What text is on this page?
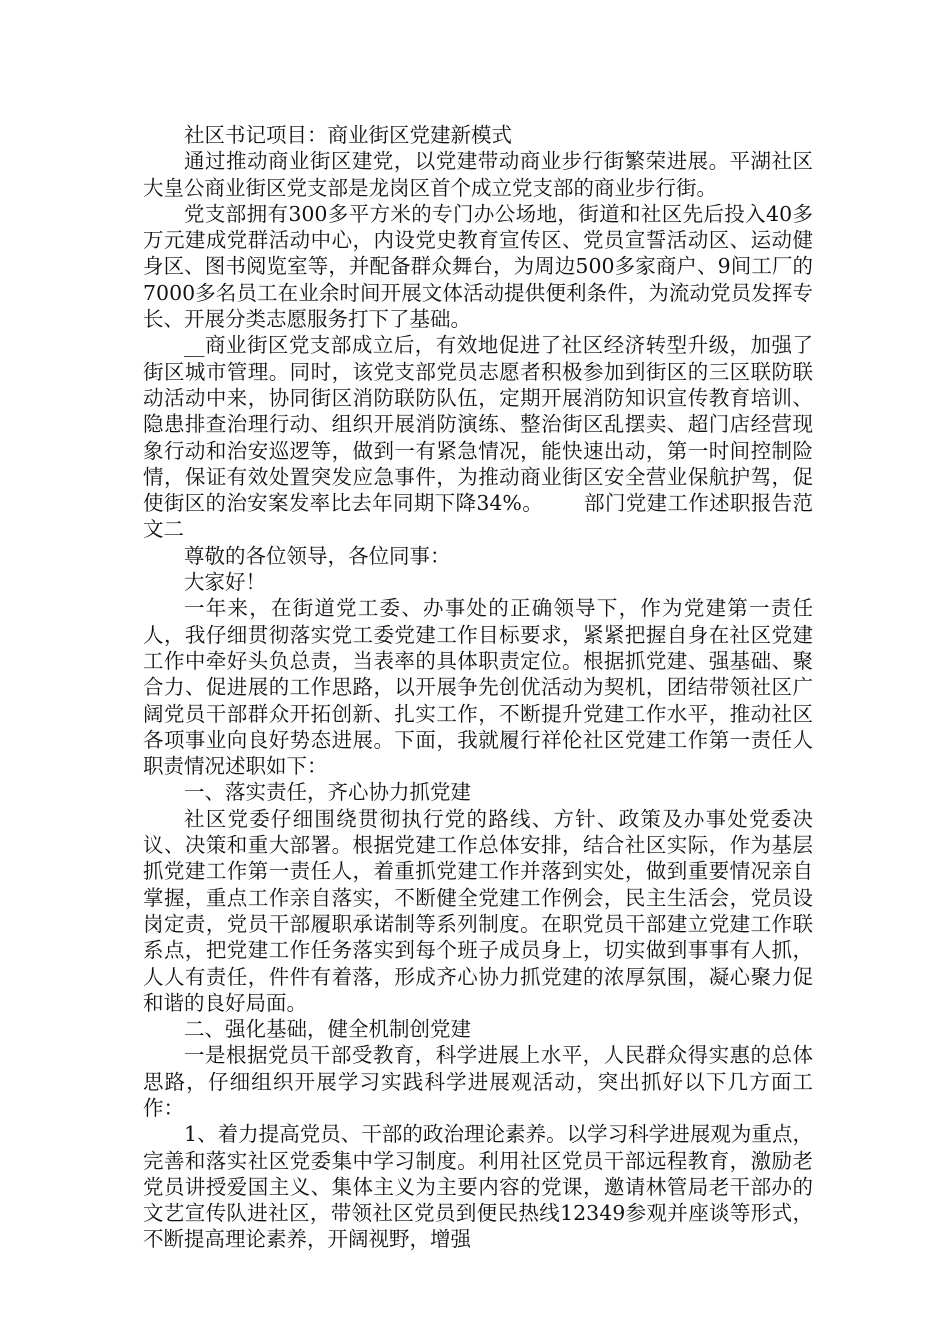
社区书记项目：商业街区党建新模式

通过推动商业街区建党，以党建带动商业步行街繁荣进展。平湖社区大皇公商业街区党支部是龙岗区首个成立党支部的商业步行街。

党支部拥有300多平方米的专门办公场地，街道和社区先后投入40多万元建成党群活动中心，内设党史教育宣传区、党员宣誓活动区、运动健身区、图书阅览室等，并配备群众舞台，为周边500多家商户、9间工厂的7000多名员工在业余时间开展文体活动提供便利条件，为流动党员发挥专长、开展分类志愿服务打下了基础。

__商业街区党支部成立后，有效地促进了社区经济转型升级，加强了街区城市管理。同时，该党支部党员志愿者积极参加到街区的三区联防联动活动中来，协同街区消防联防队伍，定期开展消防知识宣传教育培训、隐患排查治理行动、组织开展消防演练、整治街区乱摆卖、超门店经营现象行动和治安巡逻等，做到一有紧急情况，能快速出动，第一时间控制险情，保证有效处置突发应急事件，为推动商业街区安全营业保航护驾，促使街区的治安案发率比去年同期下降34%。 部门党建工作述职报告范文二

尊敬的各位领导，各位同事：

大家好！

一年来，在街道党工委、办事处的正确领导下，作为党建第一责任人，我仔细贯彻落实党工委党建工作目标要求，紧紧把握自身在社区党建工作中牵好头负总责，当表率的具体职责定位。根据抓党建、强基础、聚合力、促进展的工作思路，以开展争先创优活动为契机，团结带领社区广阔党员干部群众开拓创新、扎实工作，不断提升党建工作水平，推动社区各项事业向良好势态进展。下面，我就履行祥伦社区党建工作第一责任人职责情况述职如下：

一、落实责任，齐心协力抓党建

社区党委仔细围绕贯彻执行党的路线、方针、政策及办事处党委决议、决策和重大部署。根据党建工作总体安排，结合社区实际，作为基层抓党建工作第一责任人，着重抓党建工作并落到实处，做到重要情况亲自掌握，重点工作亲自落实，不断健全党建工作例会，民主生活会，党员设岗定责，党员干部履职承诺制等系列制度。在职党员干部建立党建工作联系点，把党建工作任务落实到每个班子成员身上，切实做到事事有人抓，人人有责任，件件有着落，形成齐心协力抓党建的浓厚氛围，凝心聚力促和谐的良好局面。

二、强化基础，健全机制创党建

一是根据党员干部受教育，科学进展上水平，人民群众得实惠的总体思路，仔细组织开展学习实践科学进展观活动，突出抓好以下几方面工作：

1、着力提高党员、干部的政治理论素养。以学习科学进展观为重点，完善和落实社区党委集中学习制度。利用社区党员干部远程教育，激励老党员讲授爱国主义、集体主义为主要内容的党课，邀请林管局老干部办的文艺宣传队进社区，带领社区党员到便民热线12349参观并座谈等形式，不断提高理论素养，开阔视野，增强
